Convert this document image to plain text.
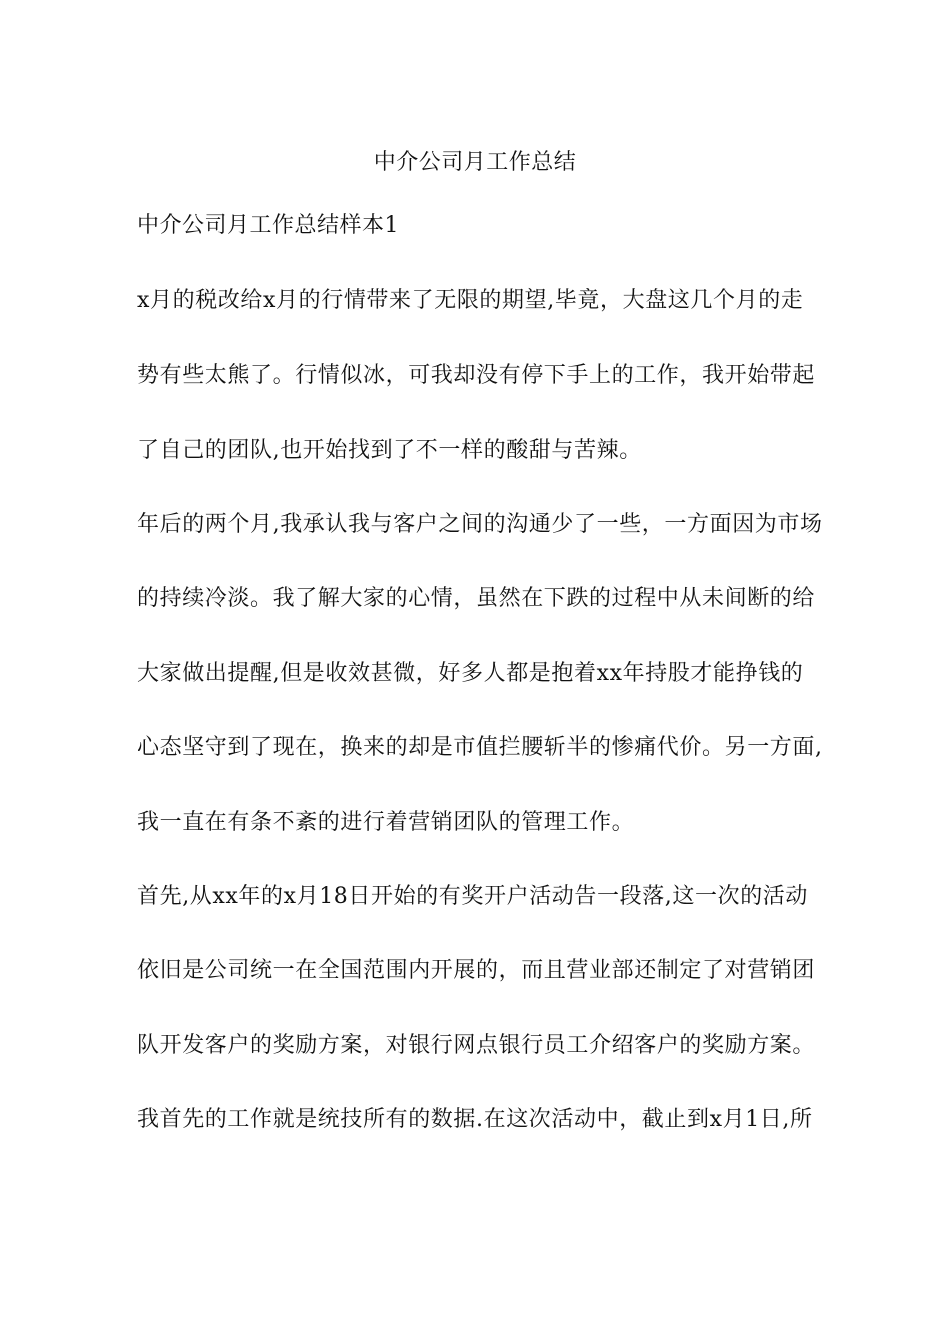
中介公司月工作总结
中介公司月工作总结样本1
x月的税改给x月的行情带来了无限的期望,毕竟，大盘这几个月的走
势有些太熊了。行情似冰，可我却没有停下手上的工作，我开始带起
了自己的团队,也开始找到了不一样的酸甜与苦辣。
年后的两个月,我承认我与客户之间的沟通少了一些，一方面因为市场
的持续冷淡。我了解大家的心情，虽然在下跌的过程中从未间断的给
大家做出提醒,但是收效甚微，好多人都是抱着xx年持股才能挣钱的
心态坚守到了现在，换来的却是市值拦腰斩半的惨痛代价。另一方面,
我一直在有条不紊的进行着营销团队的管理工作。
首先,从xx年的x月18日开始的有奖开户活动告一段落,这一次的活动
依旧是公司统一在全国范围内开展的，而且营业部还制定了对营销团
队开发客户的奖励方案，对银行网点银行员工介绍客户的奖励方案。
我首先的工作就是统技所有的数据.在这次活动中，截止到x月1日,所
